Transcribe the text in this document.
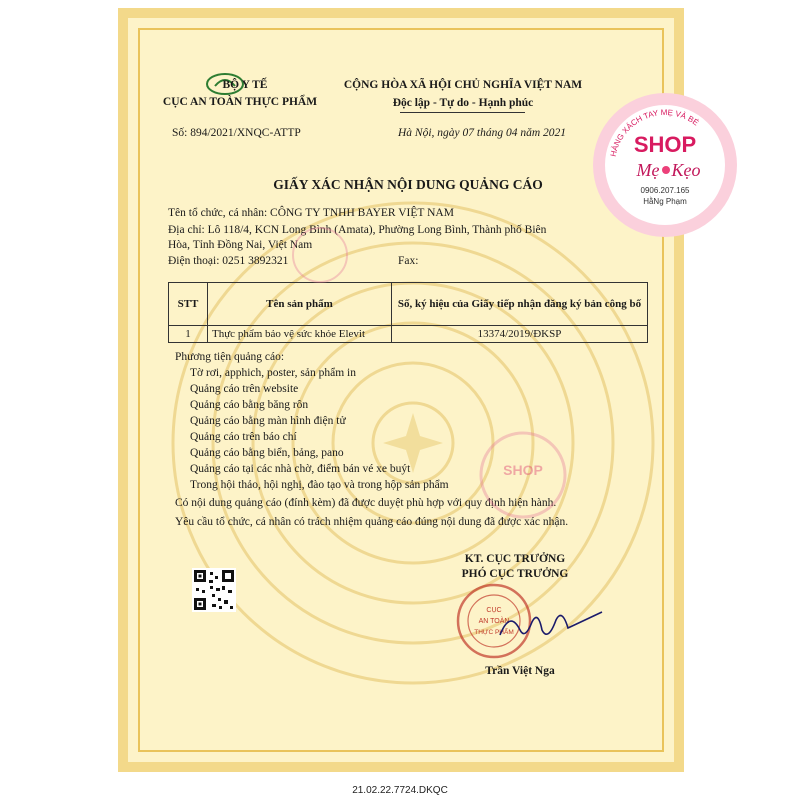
BỘ Y TẾ
CỤC AN TOÀN THỰC PHẨM
Số: 894/2021/XNQC-ATTP
CỘNG HÒA XÃ HỘI CHỦ NGHĨA VIỆT NAM
Độc lập - Tự do - Hạnh phúc
Hà Nội, ngày 07 tháng 04 năm 2021
GIẤY XÁC NHẬN NỘI DUNG QUẢNG CÁO
Tên tổ chức, cá nhân: CÔNG TY TNHH BAYER VIỆT NAM
Địa chỉ: Lô 118/4, KCN Long Bình (Amata), Phường Long Bình, Thành phố Biên
Hòa, Tỉnh Đồng Nai, Việt Nam
Điện thoại: 0251 3892321	Fax:
STT	Tên sản phẩm	Số, ký hiệu của Giấy tiếp nhận đăng ký bản công bố
1	Thực phẩm bảo vệ sức khỏe Elevit	13374/2019/ĐKSP
Phương tiện quảng cáo:
Tờ rơi, apphich, poster, sản phẩm in
Quảng cáo trên website
Quảng cáo bằng băng rôn
Quảng cáo bằng màn hình điện tử
Quảng cáo trên báo chí
Quảng cáo bằng biển, bảng, pano
Quảng cáo tại các nhà chờ, điểm bán vé xe buýt
Trong hội thảo, hội nghị, đào tạo và trong hộp sản phẩm
Có nội dung quảng cáo (đính kèm) đã được duyệt phù hợp với quy định hiện hành.
Yêu cầu tổ chức, cá nhân có trách nhiệm quảng cáo đúng nội dung đã được xác nhận.
KT. CỤC TRƯỞNG
PHÓ CỤC TRƯỞNG
CỤC
AN TOÀN
THỰC PHẨM
Trần Việt Nga
HÀNG XÁCH TAY MẸ VÀ BÉ
SHOP
Mẹ Kẹo
0906.207.165
HằNg Phạm
SHOP
21.02.22.7724.DKQC
